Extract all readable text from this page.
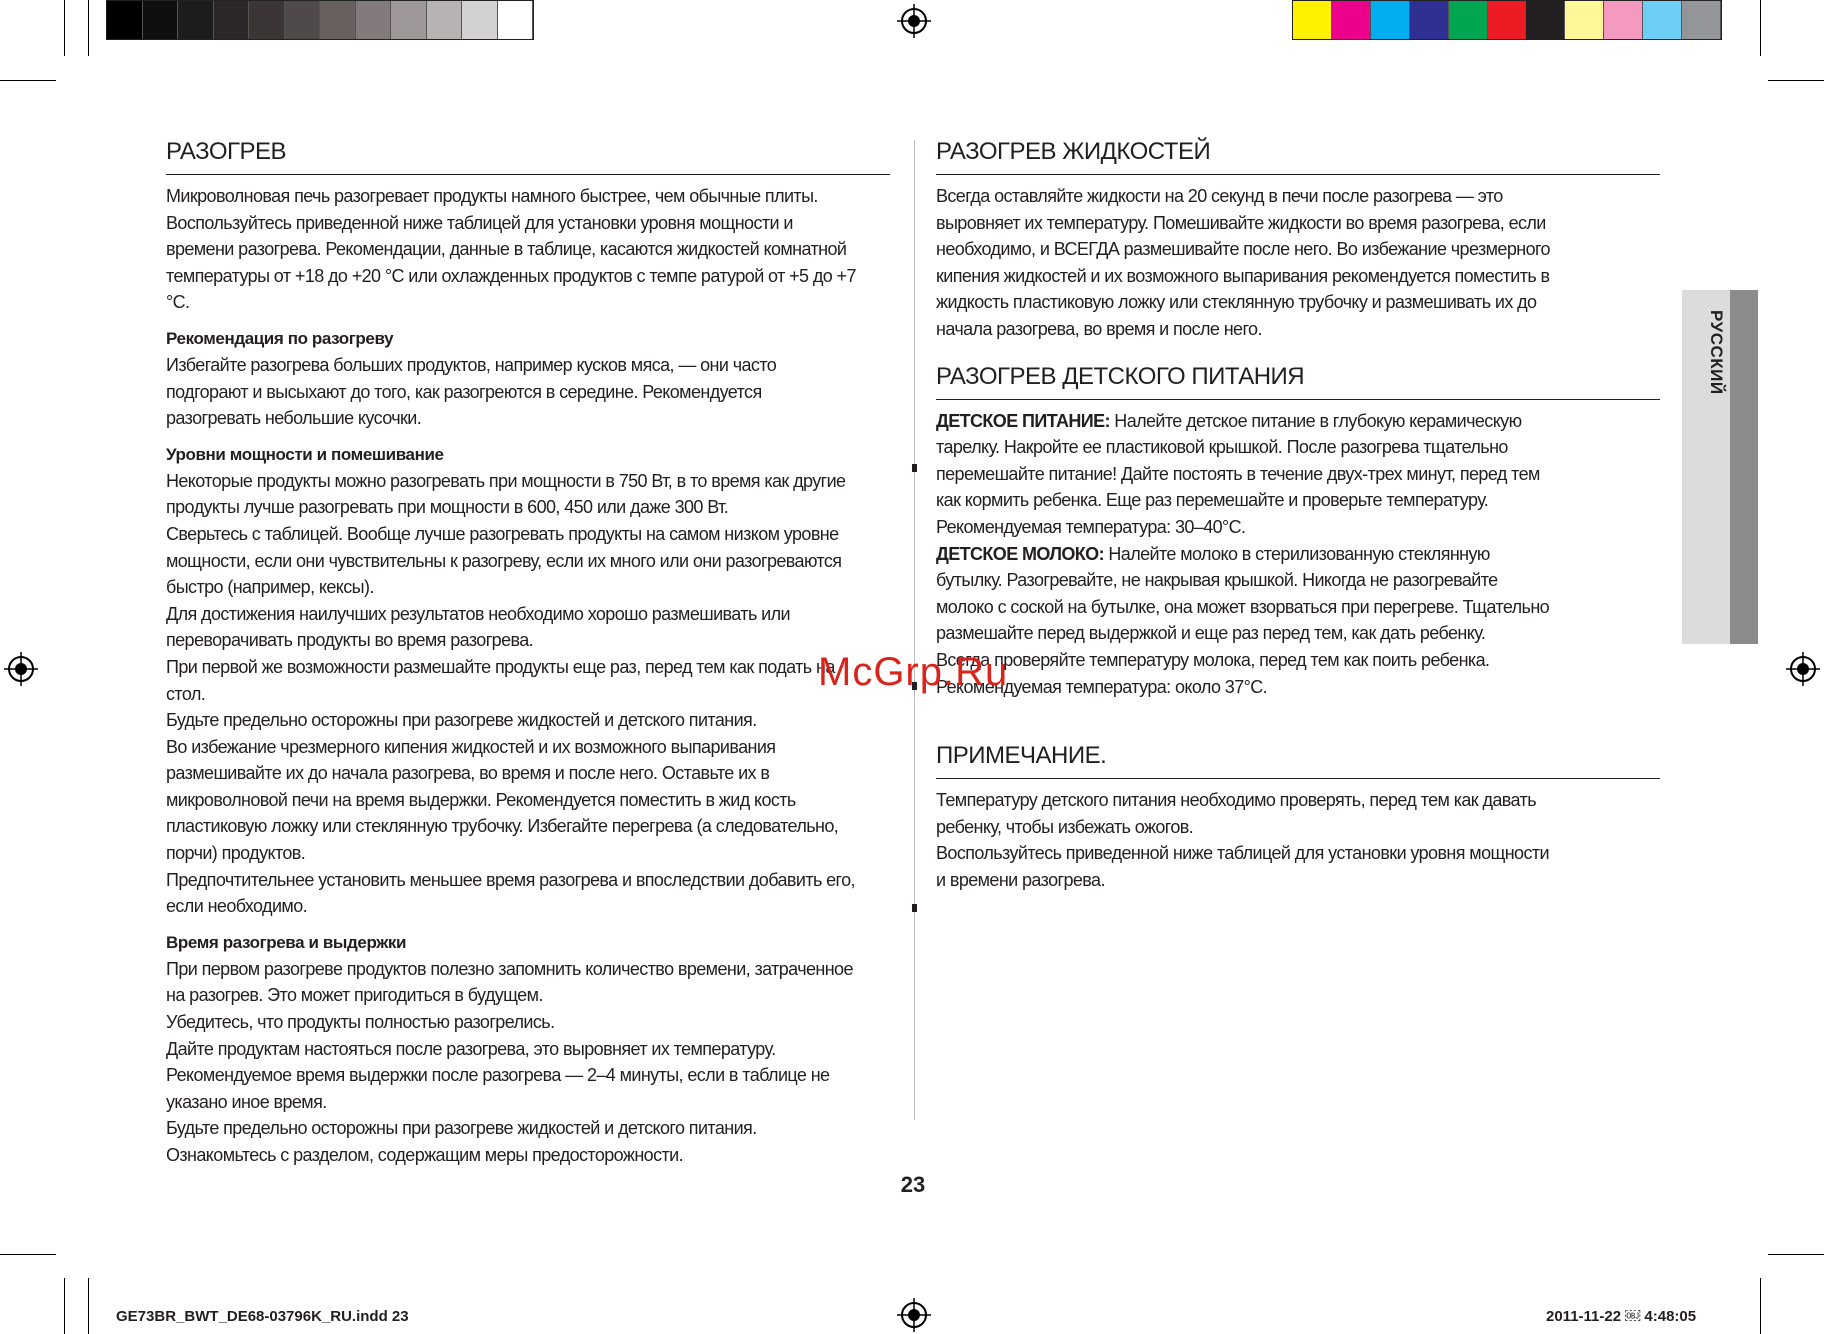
РАЗОГРЕВ

Микроволновая печь разогревает продукты намного быстрее, чем обычные плиты.
Воспользуйтесь приведенной ниже таблицей для установки уровня мощности и
времени разогрева. Рекомендации, данные в таблице, касаются жидкостей комнатной
температуры от +18 до +20 °C или охлажденных продуктов с темпе ратурой от +5 до +7
°C.

Рекомендация по разогреву

Избегайте разогрева больших продуктов, например кусков мяса, — они часто
подгорают и высыхают до того, как разогреются в середине. Рекомендуется
разогревать небольшие кусочки.

Уровни мощности и помешивание

Некоторые продукты можно разогревать при мощности в 750 Вт, в то время как другие
продукты лучше разогревать при мощности в 600, 450 или даже 300 Вт.
Сверьтесь с таблицей. Вообще лучше разогревать продукты на самом низком уровне
мощности, если они чувствительны к разогреву, если их много или они разогреваются
быстро (например, кексы).
Для достижения наилучших результатов необходимо хорошо размешивать или
переворачивать продукты во время разогрева.
При первой же возможности размешайте продукты еще раз, перед тем как подать на
стол.
Будьте предельно осторожны при разогреве жидкостей и детского питания.
Во избежание чрезмерного кипения жидкостей и их возможного выпаривания
размешивайте их до начала разогрева, во время и после него. Оставьте их в
микроволновой печи на время выдержки. Рекомендуется поместить в жид кость
пластиковую ложку или стеклянную трубочку. Избегайте перегрева (а следовательно,
порчи) продуктов.
Предпочтительнее установить меньшее время разогрева и впоследствии добавить его,
если необходимо.

Время разогрева и выдержки

При первом разогреве продуктов полезно запомнить количество времени, затраченное
на разогрев. Это может пригодиться в будущем.
Убедитесь, что продукты полностью разогрелись.
Дайте продуктам настояться после разогрева, это выровняет их температуру.
Рекомендуемое время выдержки после разогрева — 2–4 минуты, если в таблице не
указано иное время.
Будьте предельно осторожны при разогреве жидкостей и детского питания.
Ознакомьтесь с разделом, содержащим меры предосторожности.

РАЗОГРЕВ ЖИДКОСТЕЙ

Всегда оставляйте жидкости на 20 секунд в печи после разогрева — это
выровняет их температуру. Помешивайте жидкости во время разогрева, если
необходимо, и ВСЕГДА размешивайте после него. Во избежание чрезмерного
кипения жидкостей и их возможного выпаривания рекомендуется поместить в
жидкость пластиковую ложку или стеклянную трубочку и размешивать их до
начала разогрева, во время и после него.

РАЗОГРЕВ ДЕТСКОГО ПИТАНИЯ

ДЕТСКОЕ ПИТАНИЕ: Налейте детское питание в глубокую керамическую
тарелку. Накройте ее пластиковой крышкой. После разогрева тщательно
перемешайте питание! Дайте постоять в течение двух-трех минут, перед тем
как кормить ребенка. Еще раз перемешайте и проверьте температуру.
Рекомендуемая температура: 30–40°C.

ДЕТСКОЕ МОЛОКО: Налейте молоко в стерилизованную стеклянную
бутылку. Разогревайте, не накрывая крышкой. Никогда не разогревайте
молоко с соской на бутылке, она может взорваться при перегреве. Тщательно
размешайте перед выдержкой и еще раз перед тем, как дать ребенку.
Всегда проверяйте температуру молока, перед тем как поить ребенка.
Рекомендуемая температура: около 37°C.

ПРИМЕЧАНИЕ.

Температуру детского питания необходимо проверять, перед тем как давать
ребенку, чтобы избежать ожогов.
Воспользуйтесь приведенной ниже таблицей для установки уровня мощности
и времени разогрева.

РУССКИЙ
McGrp.Ru
23
GE73BR_BWT_DE68-03796K_RU.indd 23	2011-11-22 ￼ 4:48:05
